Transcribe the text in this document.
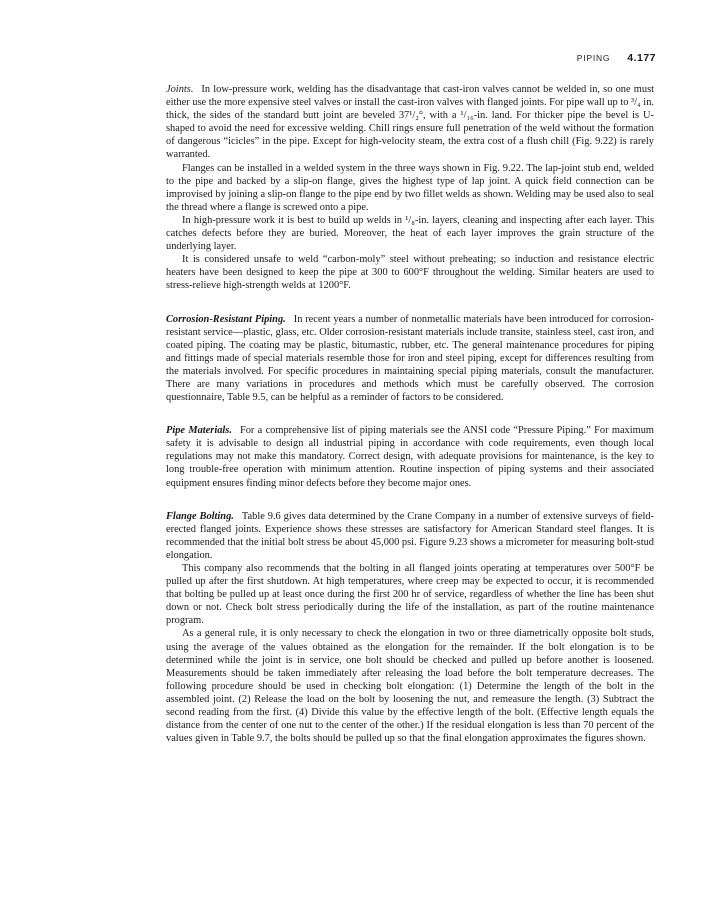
PIPING 4.177

Joints. In low-pressure work, welding has the disadvantage that cast-iron valves cannot be welded in, so one must either use the more expensive steel valves or install the cast-iron valves with flanged joints. For pipe wall up to ³/₄ in. thick, the sides of the standard butt joint are beveled 37¹/₂°, with a ¹/₁₆-in. land. For thicker pipe the bevel is U-shaped to avoid the need for excessive welding. Chill rings ensure full penetration of the weld without the formation of dangerous “icicles” in the pipe. Except for high-velocity steam, the extra cost of a flush chill (Fig. 9.22) is rarely warranted.

Flanges can be installed in a welded system in the three ways shown in Fig. 9.22. The lap-joint stub end, welded to the pipe and backed by a slip-on flange, gives the highest type of lap joint. A quick field connection can be improvised by joining a slip-on flange to the pipe end by two fillet welds as shown. Welding may be used also to seal the thread where a flange is screwed onto a pipe.

In high-pressure work it is best to build up welds in ¹/₈-in. layers, cleaning and inspecting after each layer. This catches defects before they are buried. Moreover, the heat of each layer improves the grain structure of the underlying layer.

It is considered unsafe to weld “carbon-moly” steel without preheating; so induction and resistance electric heaters have been designed to keep the pipe at 300 to 600°F throughout the welding. Similar heaters are used to stress-relieve high-strength welds at 1200°F.

Corrosion-Resistant Piping. In recent years a number of nonmetallic materials have been introduced for corrosion-resistant service—plastic, glass, etc. Older corrosion-resistant materials include transite, stainless steel, cast iron, and coated piping. The coating may be plastic, bitumastic, rubber, etc. The general maintenance procedures for piping and fittings made of special materials resemble those for iron and steel piping, except for differences resulting from the materials involved. For specific procedures in maintaining special piping materials, consult the manufacturer. There are many variations in procedures and methods which must be carefully observed. The corrosion questionnaire, Table 9.5, can be helpful as a reminder of factors to be considered.

Pipe Materials. For a comprehensive list of piping materials see the ANSI code “Pressure Piping.” For maximum safety it is advisable to design all industrial piping in accordance with code requirements, even though local regulations may not make this mandatory. Correct design, with adequate provisions for maintenance, is the key to long trouble-free operation with minimum attention. Routine inspection of piping systems and their associated equipment ensures finding minor defects before they become major ones.

Flange Bolting. Table 9.6 gives data determined by the Crane Company in a number of extensive surveys of field-erected flanged joints. Experience shows these stresses are satisfactory for American Standard steel flanges. It is recommended that the initial bolt stress be about 45,000 psi. Figure 9.23 shows a micrometer for measuring bolt-stud elongation.

This company also recommends that the bolting in all flanged joints operating at temperatures over 500°F be pulled up after the first shutdown. At high temperatures, where creep may be expected to occur, it is recommended that bolting be pulled up at least once during the first 200 hr of service, regardless of whether the line has been shut down or not. Check bolt stress periodically during the life of the installation, as part of the routine maintenance program.

As a general rule, it is only necessary to check the elongation in two or three diametrically opposite bolt studs, using the average of the values obtained as the elongation for the remainder. If the bolt elongation is to be determined while the joint is in service, one bolt should be checked and pulled up before another is loosened. Measurements should be taken immediately after releasing the load before the bolt temperature decreases. The following procedure should be used in checking bolt elongation: (1) Determine the length of the bolt in the assembled joint. (2) Release the load on the bolt by loosening the nut, and remeasure the length. (3) Subtract the second reading from the first. (4) Divide this value by the effective length of the bolt. (Effective length equals the distance from the center of one nut to the center of the other.) If the residual elongation is less than 70 percent of the values given in Table 9.7, the bolts should be pulled up so that the final elongation approximates the figures shown.
